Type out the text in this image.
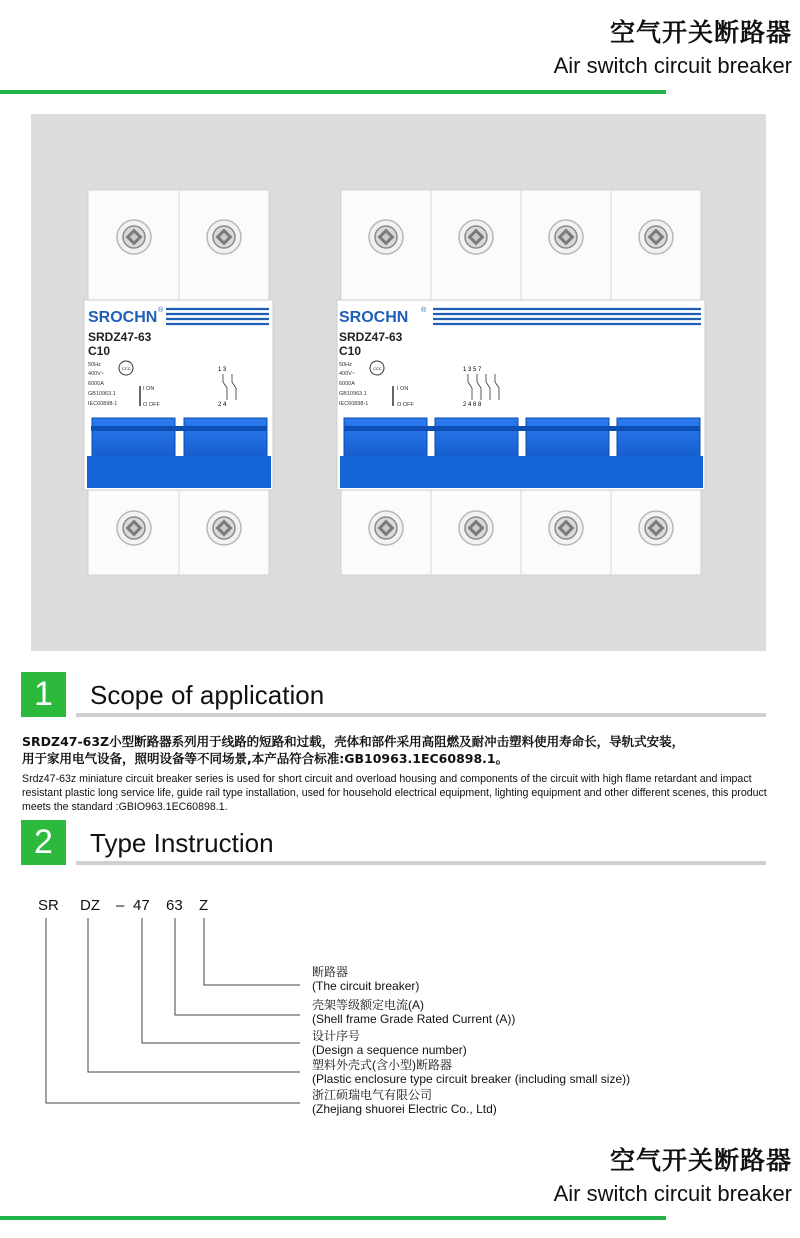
空气开关断路器
Air switch circuit breaker
SROCHN ®
SRDZ47-63
C10
50Hz
400V~
6000A
GB10963.1
IEC60898-1
CCC
I ON
O OFF
1 3
2 4
SROCHN ®
SRDZ47-63
C10
50Hz
400V~
6000A
GB10963.1
IEC60898-1
CCC
I ON
O OFF
1 3 5 7
2 4 6 8
1	Scope of application
SRDZ47-63Z小型断路器系列用于线路的短路和过载，壳体和部件采用高阻燃及耐冲击塑料使用寿命长，导轨式安装，
用于家用电气设备，照明设备等不同场景,本产品符合标准:GB10963.1EC60898.1。
Srdz47-63z miniature circuit breaker series is used for short circuit and overload housing and components of the circuit with high flame retardant and impact resistant plastic long service life, guide rail type installation, used for household electrical equipment, lighting equipment and other different scenes, this product meets the standard :GBIO963.1EC60898.1.
2	Type Instruction
SR DZ – 47 63 Z
断路器
(The circuit breaker)
壳架等级额定电流(A)
(Shell frame Grade Rated Current (A))
设计序号
(Design a sequence number)
塑料外壳式(含小型)断路器
(Plastic enclosure type circuit breaker (including small size))
浙江硕瑞电气有限公司
(Zhejiang shuorei Electric Co., Ltd)
空气开关断路器
Air switch circuit breaker
